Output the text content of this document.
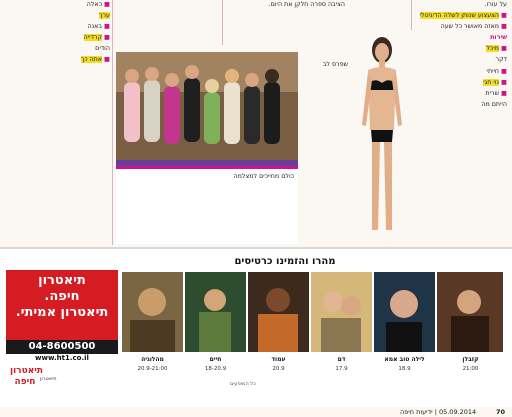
על עורו.

■ הצעצוע שנותן לשלה הדיגיטלי

■ מאזה מאושר כל שעה

שירות

■ מיכל

דקר

■ חייתי

■ נוי חגי

■ שרית

הייתם מה

שפרס לב

הציבה ספרה חלקן את היום.

כולם מחייכים למצלמה

■ כאלה

ערך

■ באנה

■ קרדייה

הודים

■ אתה כך

מהרו והזמינו כרטיסים
תיאטרון
חיפה.
תיאטרון אמיתי.
04-8600500
www.ht1.co.il
תיאטרון חיפה תיאטרון
מהלוגיה
20.9-21:00
חיים
18-20.9
עמוד
20.9
דם
17.9
לילה טוב אמא
18.9
קזבלן
21:00
כל המופעים
05.09.2014 | ידיעות חיפה	70
